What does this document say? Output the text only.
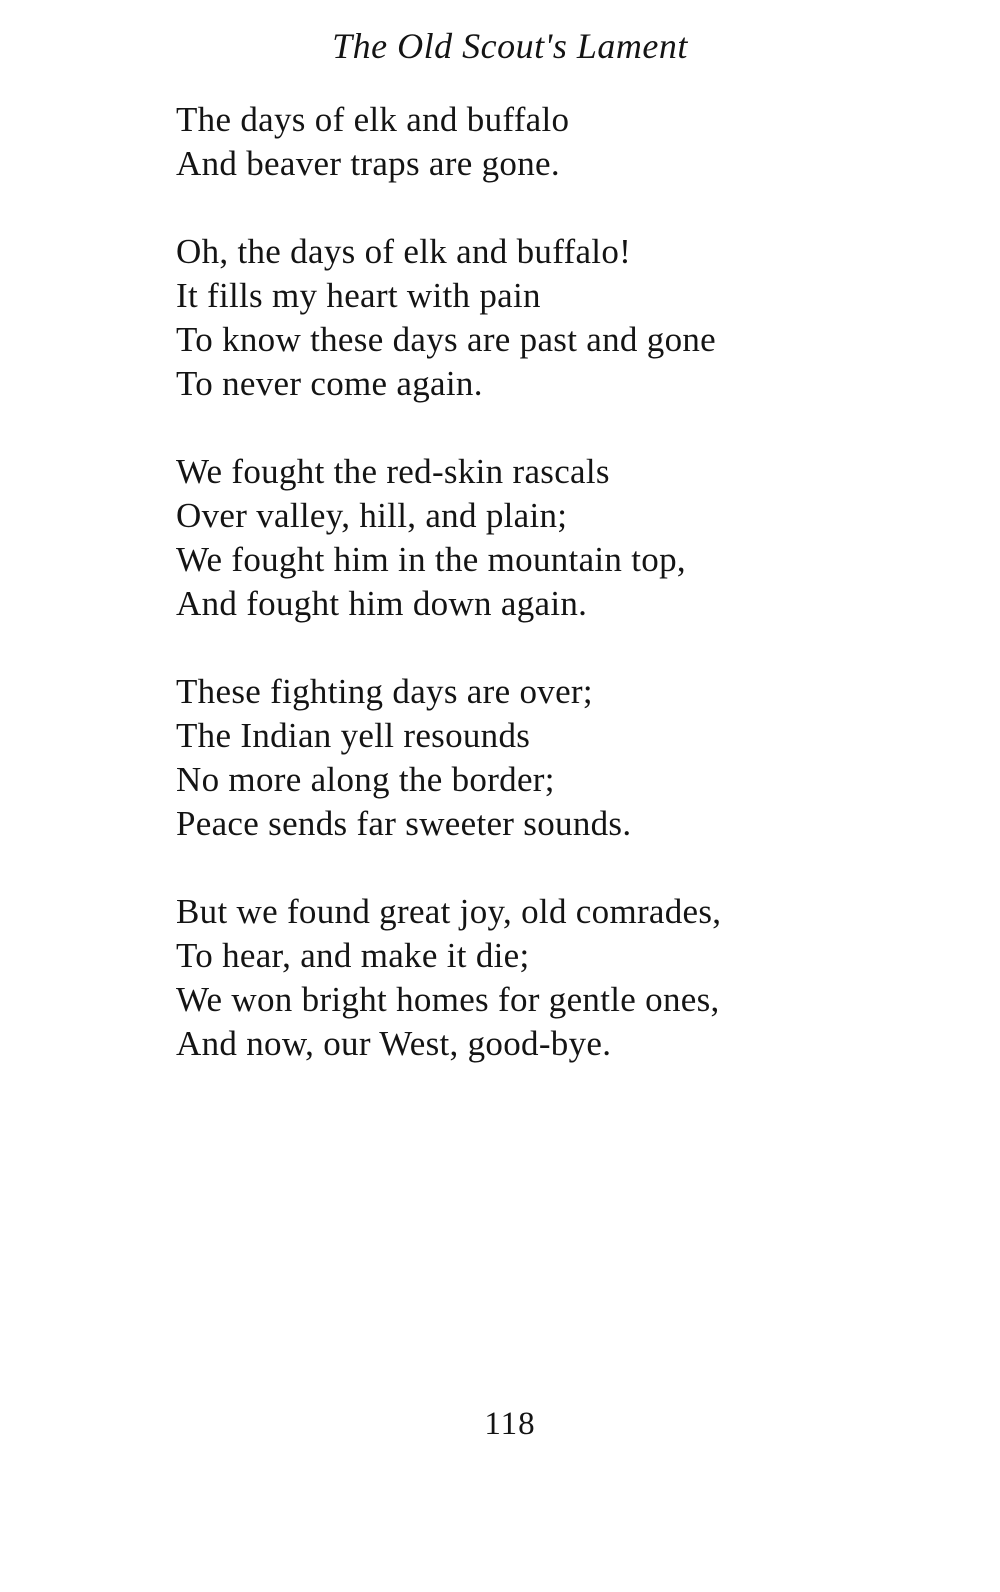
The Old Scout's Lament
The days of elk and buffalo
And beaver traps are gone.
Oh, the days of elk and buffalo!
It fills my heart with pain
To know these days are past and gone
To never come again.
We fought the red-skin rascals
Over valley, hill, and plain;
We fought him in the mountain top,
And fought him down again.
These fighting days are over;
The Indian yell resounds
No more along the border;
Peace sends far sweeter sounds.
But we found great joy, old comrades,
To hear, and make it die;
We won bright homes for gentle ones,
And now, our West, good-bye.
118
